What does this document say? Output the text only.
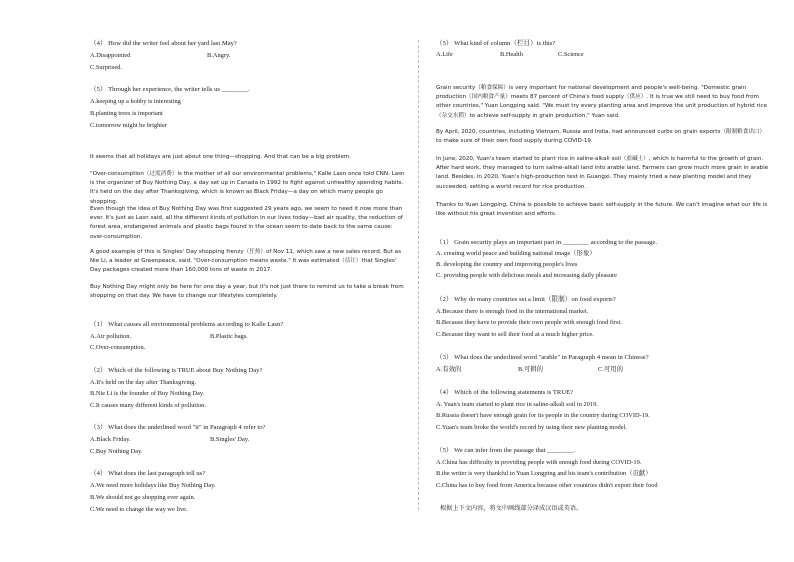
（4） How did the writer feel about her yard last May?
A.Disappointed	B.Angry.
C.Surprised.
（5） Through her experience, the writer tells us ________.
A.keeping up a hobby is interesting
B.planting trees is important
C.tomorrow might be brighter
It seems that all holidays are just about one thing—shopping. And that can be a big problem.
"Over-consumption（过度消费）is the mother of all our environmental problems," Kalle Lasn once told CNN. Lasn is the organizer of Buy Nothing Day, a day set up in Canada in 1992 to fight against unhealthy spending habits. It's held on the day after Thanksgiving, which is known as Black Friday—a day on which many people go shopping.
Even though the idea of Buy Nothing Day was first suggested 29 years ago, we seem to need it now more than ever. It's just as Lasn said, all the different kinds of pollution in our lives today—bad air quality, the reduction of forest area, endangered animals and plastic bags found in the ocean seem to date back to the same cause: over-consumption.
A good example of this is Singles' Day shopping frenzy（狂热）of Nov 11, which saw a new sales record. But as Nie Li, a leader at Greenpeace, said, "Over-consumption means waste." It was estimated（估计）that Singles' Day packages created more than 160,000 tons of waste in 2017.
Buy Nothing Day might only be here for one day a year, but it's not just there to remind us to take a break from shopping on that day. We have to change our lifestyles completely.
（1） What causes all environmental problems according to Kalle Lasn?
A.Air pollution.	B.Plastic bags.
C.Over-consumption.
（2） Which of the following is TRUE about Buy Nothing Day?
A.It's held on the day after Thanksgiving.
B.Nie Li is the founder of Buy Nothing Day.
C.It causes many different kinds of pollution.
（3） What does the underlined word "it" in Paragraph 4 refer to?
A.Black Friday.	B.Singles' Day.
C.Buy Nothing Day.
（4） What does the last paragraph tell us?
A.We need more holidays like Buy Nothing Day.
B.We should not go shopping ever again.
C.We need to change the way we live.
（5） What kind of column（栏目）is this?
A.Life	B.Health	C.Science
Grain security（粮食保障）is very important for national development and people's well-being. "Domestic grain production（国内粮食产量）meets 87 percent of China's food supply（供应）. It is true we still need to buy food from other countries," Yuan Longping said. "We must try every planting area and improve the unit production of hybrid rice（杂交水稻）to achieve self-supply in grain production," Yuan said.
By April, 2020, countries, including Vietnam, Russia and India, had announced curbs on grain exports（限制粮食出口）to make sure of their own food supply during COVID-19.
In June, 2020, Yuan's team started to plant rice in saline-alkali soil（盐碱土）, which is harmful to the growth of grain. After hard work, they managed to turn saline-alkali land into arable land. Farmers can grow much more grain in arable land. Besides, in 2020, Yuan's high-production test in Guangxi. They mainly tried a new planting model and they succeeded, setting a world record for rice production.
Thanks to Yuan Longping, China is possible to achieve basic self-supply in the future. We can't imagine what our life is like without his great invention and efforts.
（1） Grain security plays an important part in ________ according to the passage.
A. creating world peace and building national image（形象）
B. developing the country and improving people's lives
C. providing people with delicious meals and increasing daily pleasure
（2） Why do many countries set a limit（限制）on food exports?
A.Because there is enough food in the international market.
B.Because they have to provide their own people with enough food first.
C.Because they want to sell their food at a much higher price.
（3） What does the underlined word "arable" in Paragraph 4 mean in Chinese?
A.有效的	B.可耕的	C.可用的
（4） Which of the following statements is TRUE?
A. Yuan's team started to plant rice in saline-alkali soil in 2019.
B.Russia doesn't have enough grain for its people in the country during COVID-19.
C.Yuan's team broke the world's record by using their new planting model.
（5） We can infer from the passage that ________.
A.China has difficulty in providing people with enough food during COVID-19.
B.the writer is very thankful to Yuan Longping and his team's contribution（贡献）
C.China has to buy food from America because other countries didn't export their food
根据上下文内容，将文中画线部分译成汉语或英语。
